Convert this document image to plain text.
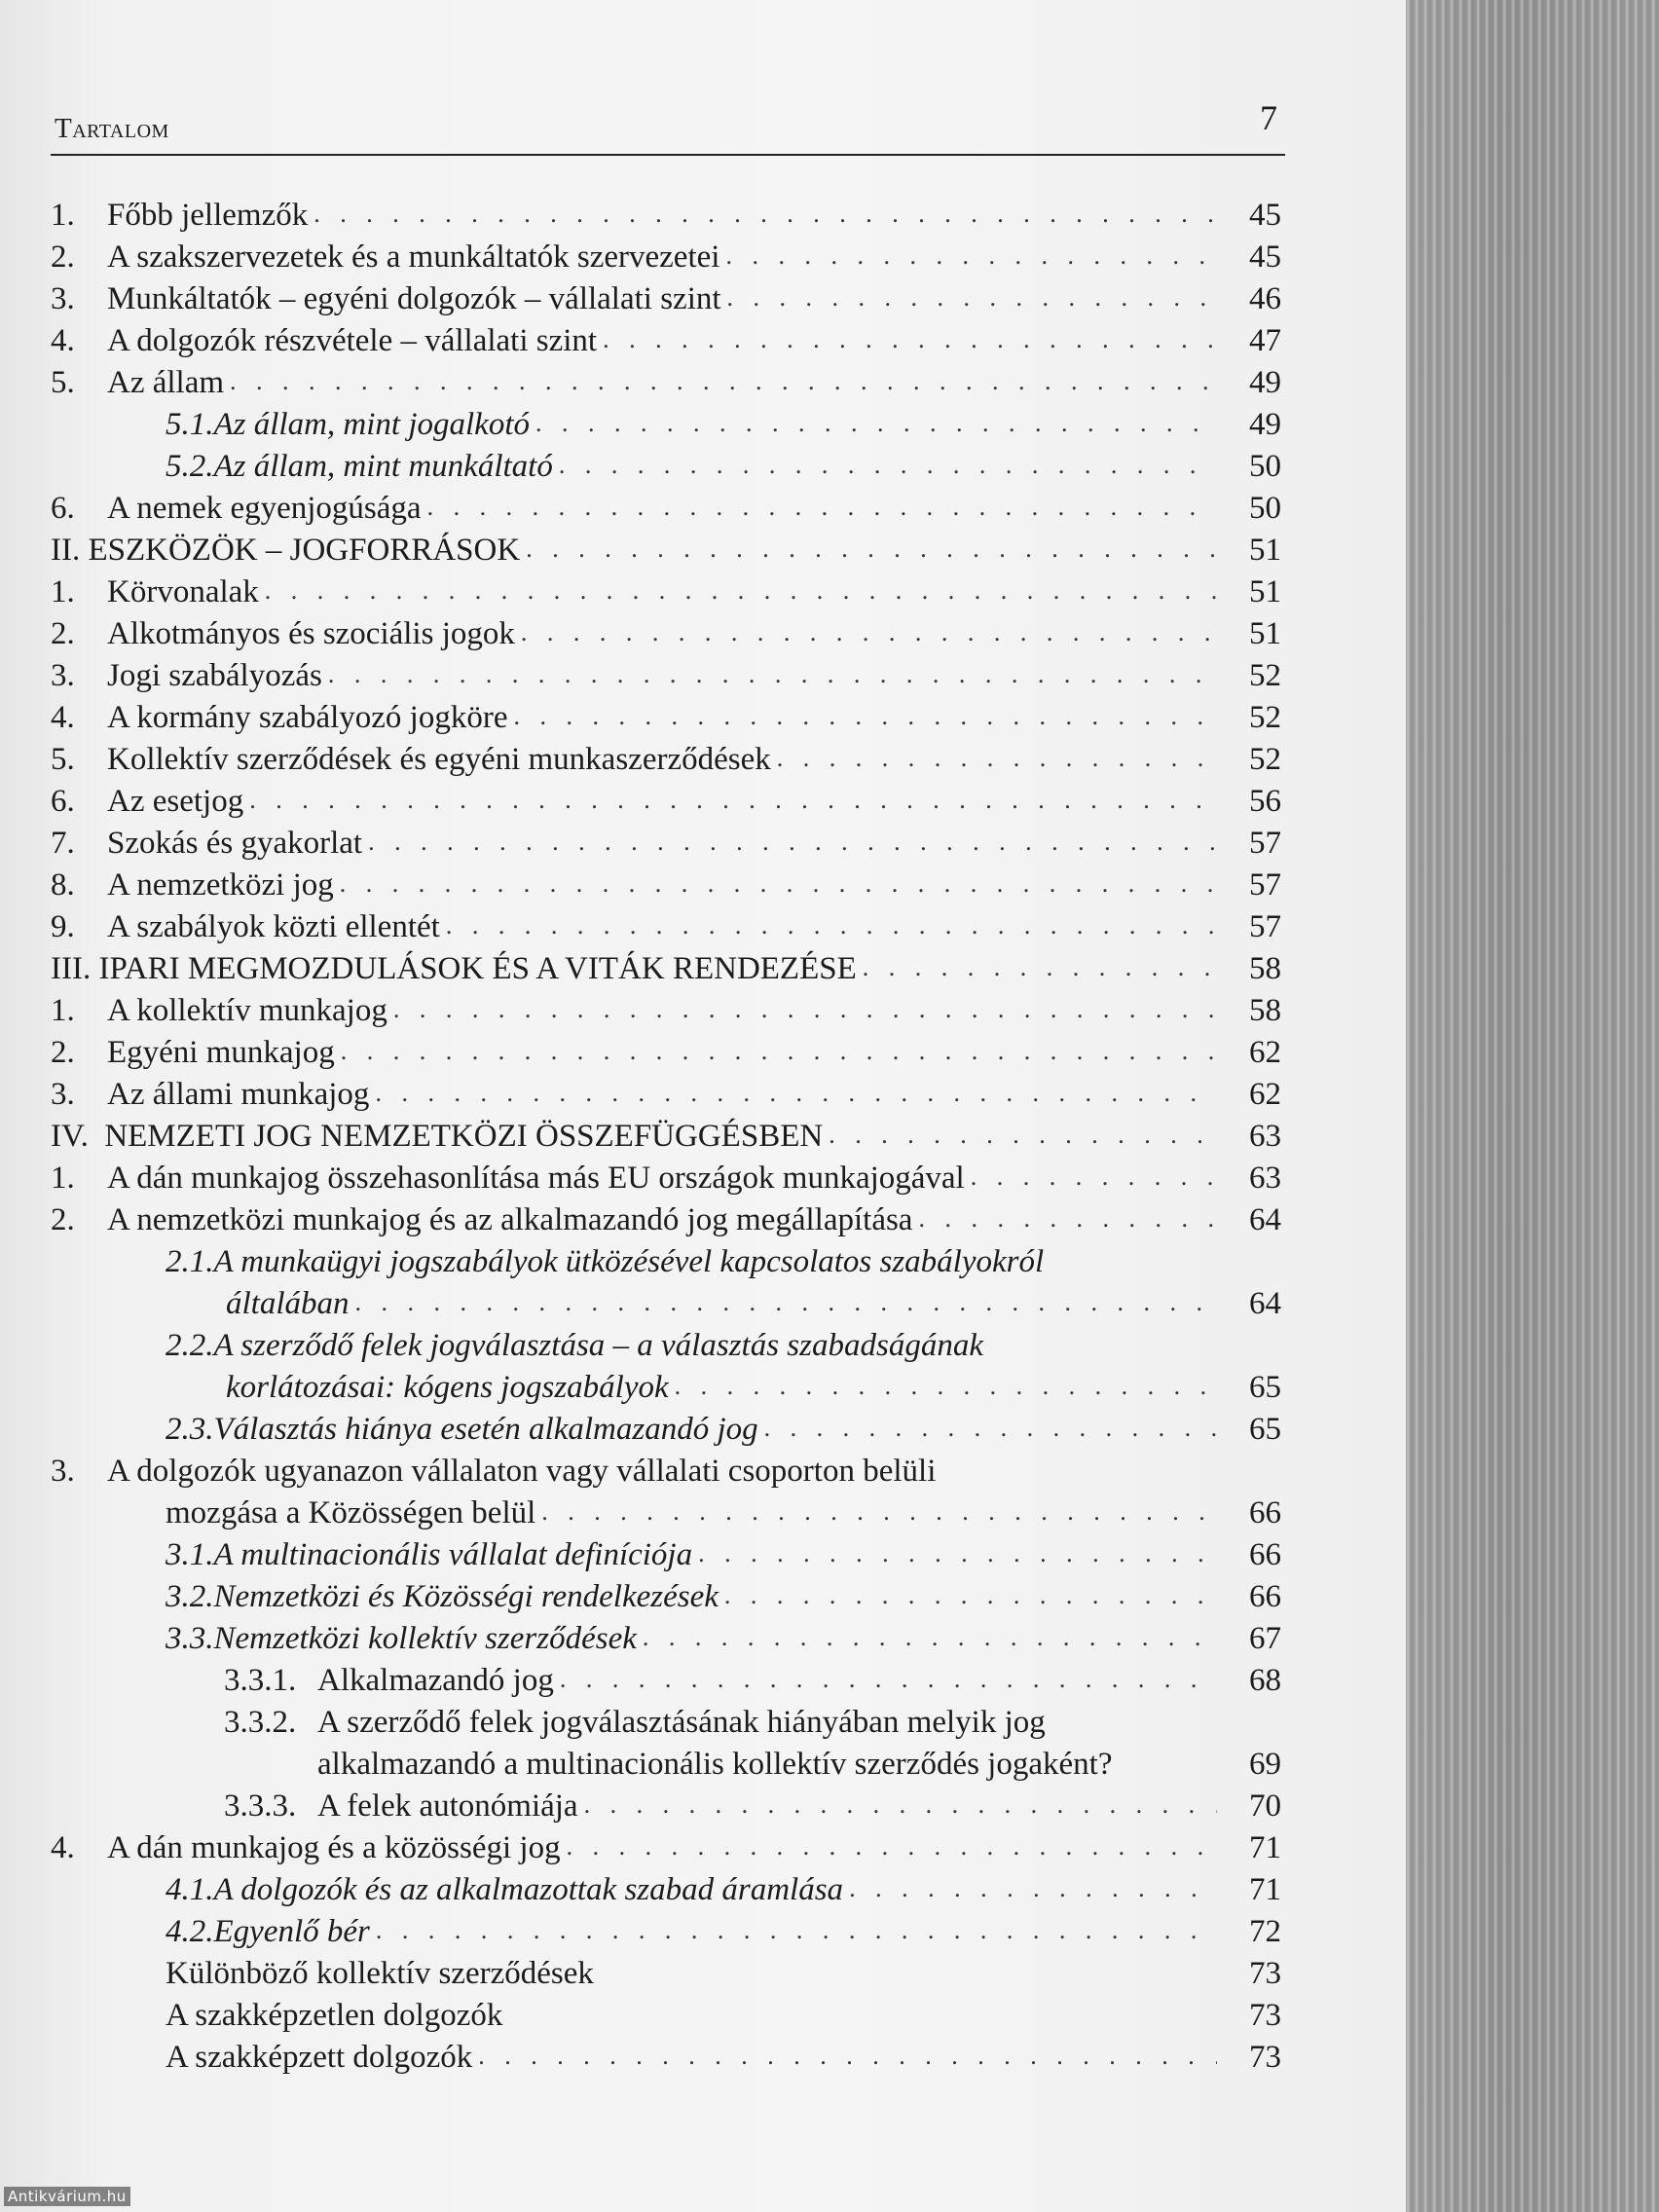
Tartalom	7
1. Főbb jellemzők . . .	45
2. A szakszervezetek és a munkáltatók szervezetei . . .	45
3. Munkáltatók – egyéni dolgozók – vállalati szint . . .	46
4. A dolgozók részvétele – vállalati szint . . .	47
5. Az állam . . .	49
5.1.Az állam, mint jogalkotó . . .	49
5.2.Az állam, mint munkáltató . . .	50
6. A nemek egyenjogúsága . . .	50
II. ESZKÖZÖK – JOGFORRÁSOK . . .	51
1. Körvonalak . . .	51
2. Alkotmányos és szociális jogok . . .	51
3. Jogi szabályozás . . .	52
4. A kormány szabályozó jogköre . . .	52
5. Kollektív szerződések és egyéni munkaszerződések . . .	52
6. Az esetjog . . .	56
7. Szokás és gyakorlat . . .	57
8. A nemzetközi jog . . .	57
9. A szabályok közti ellentét . . .	57
III. IPARI MEGMOZDULÁSOK ÉS A VITÁK RENDEZÉSE . . .	58
1. A kollektív munkajog . . .	58
2. Egyéni munkajog . . .	62
3. Az állami munkajog . . .	62
IV.  NEMZETI JOG NEMZETKÖZI ÖSSZEFÜGGÉSBEN . . .	63
1. A dán munkajog összehasonlítása más EU országok munkajogával . . .	63
2. A nemzetközi munkajog és az alkalmazandó jog megállapítása . . .	64
2.1.A munkaügyi jogszabályok ütközésével kapcsolatos szabályokról
általában . . .	64
2.2.A szerződő felek jogválasztása – a választás szabadságának
korlátozásai: kógens jogszabályok . . .	65
2.3.Választás hiánya esetén alkalmazandó jog . . .	65
3. A dolgozók ugyanazon vállalaton vagy vállalati csoporton belüli
mozgása a Közösségen belül . . .	66
3.1.A multinacionális vállalat definíciója . . .	66
3.2.Nemzetközi és Közösségi rendelkezések . . .	66
3.3.Nemzetközi kollektív szerződések . . .	67
3.3.1. Alkalmazandó jog . . .	68
3.3.2. A szerződő felek jogválasztásának hiányában melyik jog
alkalmazandó a multinacionális kollektív szerződés jogaként?	69
3.3.3. A felek autonómiája . . .	70
4. A dán munkajog és a közösségi jog . . .	71
4.1.A dolgozók és az alkalmazottak szabad áramlása . . .	71
4.2.Egyenlő bér . . .	72
Különböző kollektív szerződések	73
A szakképzetlen dolgozók	73
A szakképzett dolgozók . . .	73
Antikvárium.hu
